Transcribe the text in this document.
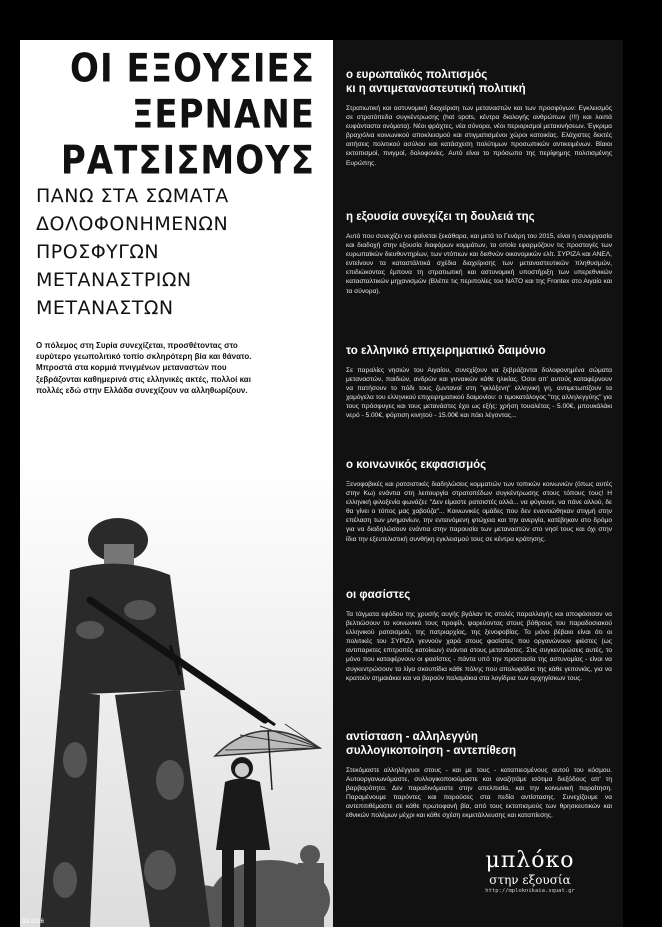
ΟΙ ΕΞΟΥΣΙΕΣ
ΞΕΡΝΑΝΕ
ΡΑΤΣΙΣΜΟΥΣ
ΠΑΝΩ ΣΤΑ ΣΩΜΑΤΑ
ΔΟΛΟΦΟΝΗΜΕΝΩΝ
ΠΡΟΣΦΥΓΩΝ
ΜΕΤΑΝΑΣΤΡΙΩΝ
ΜΕΤΑΝΑΣΤΩΝ
Ο πόλεμος στη Συρία συνεχίζεται, προσθέτοντας στο ευρύτερο γεωπολιτικό τοπίο σκληρότερη βία και θάνατο. Μπροστά στα κορμιά πνιγμένων μεταναστών που ξεβράζονται καθημερινά στις ελληνικές ακτές, πολλοί και πολλές εδώ στην Ελλάδα συνεχίζουν να αλληθωρίζουν.
03-2016
ο ευρωπαϊκός πολιτισμός
κι η αντιμεταναστευτική πολιτική

Στρατιωτική και αστυνομική διαχείριση των μεταναστών και των προσφύγων: Εγκλεισμός σε στρατόπεδα συγκέντρωσης (hot spots, κέντρα διαλογής ανθρώπων (!!!) και λοιπά ευφάνταστα ονόματα). Νέοι φράχτες, νέα σύνορα, νέοι περιορισμοί μετακινήσεων. Έγκριμα βραχιόλια κοινωνικού αποκλεισμού και στιγματισμένοι χώροι κατοικίας. Ελάχιστες δεκτές αιτήσεις πολιτικού ασύλου και κατάσχεση πολύτιμων προσωπικών αντικειμένων. Βίαιοι εκτοπισμοί, πνιγμοί, δολοφονίες. Αυτό είναι το πρόσωπο της περίφημης πολιτισμένης Ευρώπης.

η εξουσία συνεχίζει τη δουλειά της

Αυτό που συνεχίζει να φαίνεται ξεκάθαρα, και μετά το Γενάρη του 2015, είναι η συνεργασία και διαδοχή στην εξουσία διαφόρων κομμάτων, τα οποία εφαρμόζουν τις προσταγές των ευρωπαϊκών διευθυντηρίων, των ντόπιων και διεθνών οικονομικών ελίτ. ΣΥΡΙΖΑ και ΑΝΕΛ, εντείνουν τα καταστάλτικά σχέδια διαχείρισης των μεταναστευτικών πληθυσμών, επιδιώκοντας έμπονα τη στρατιωτική και αστυνομική υποστήριξη των υπερεθνικών κατασταλτικών μηχανισμών (Βλέπε τις περιπολίες του ΝΑΤΟ και της Frontex στο Αιγαίο και τα σύνορα).

το ελληνικό επιχειρηματικό δαιμόνιο

Σε παραλίες νησιών του Αιγαίου, συνεχίζουν να ξεβράζονται δολοφονημένα σώματα μεταναστών, παιδιών, ανδρών και γυναικών κάθε ηλικίας. Όσοι απ' αυτούς καταφέρνουν να πατήσουν το πόδι τους ζωντανοί στη "φιλόξενη" ελληνική γη, αντιμετωπίζουν τα χαμόγελα του ελληνικού επιχειρηματικού δαιμονίου: ο τιμοκατάλογος "της αλληλεγγύης" για τους πρόσφυγες και τους μετανάστες έχει ως εξής: χρήση τουαλέτας - 5.00€, μπουκάλάκι νερό - 5.00€, φόρτιση κινητού - 15.00€ και πάει λέγοντας...

ο κοινωνικός εκφασισμός

Ξενοφοβικές και ρατσιστικές διαδηλώσεις κομματιών των τοπικών κοινωνιών (όπως αυτές στην Κω) ενάντια στη λειτουργία στρατοπέδων συγκέντρωσης στους τόπους τους! Η ελληνική φιλοξενία φωνάζει: "Δεν είμαστε ρατσιστές αλλά... να φύγουνε, να πάνε αλλού, δε θα γίνει ο τόπος μας χαβούζα"... Κοινωνικές ομάδες που δεν εναντιώθηκαν στιγμή στην επέλαση των μνημονίων, την εντεινόμενη φτώχεια και την ανεργία, κατέβηκαν στο δρόμο για να διαδηλώσουν ενάντια στην παρουσία των μεταναστών στο νησί τους και όχι στην ίδια την εξευτελιστική συνθήκη εγκλεισμού τους σε κέντρα κράτησης.

οι φασίστες

Τα τάγματα εφόδου της χρυσής αυγής βγάλαν τις στολές παραλλαγής και αποφάσισαν να βελτιώσουν το κοινωνικό τους προφίλ, ψαρεύοντας στους βόθρους του παραδοσιακού ελληνικού ρατσισμού, της πατριαρχίας, της ξενοφοβίας. Το μόνο βέβαιο είναι ότι οι πολιτικές του ΣΥΡΙΖΑ γεννούν χαρά στους φασίστες που οργανώνουν φιέστες (ως αντιπαρκτες επιτροπές κατοίκων) ενάντια στους μετανάστες. Στις συγκεντρώσεις αυτές, το μόνο που καταφέρνουν οι φασίστες - πάντα υπό την προστασία της αστυνομίας - είναι να συγκεντρώσουν τα λίγα σκουπίδια κάθε πόλης που απολυφάδια της κάθε γειτονιάς, για να κρατούν σημαιάκια και να βαρούν παλαμάκια στα λογίδρια των αρχηγίσκων τους.

αντίσταση - αλληλεγγύη
συλλογικοποίηση - αντεπίθεση

Στεκόμαστε αλληλέγγυοι στους - και με τους - καταπιεσμένους αυτού του κόσμου. Αυτοοργανωνόμαστε, συλλογικοποιούμαστε και αναζητάμε ισότιμα διεξόδους απ' τη βαρβαρότητα. Δεν παραδινόμαστε στην απελπισία, και την κοινωνική παραίτηση. Παραμένουμε παρόντες και παρούσες στα πεδία αντίστασης. Συνεχίζουμε να αντεπιτιθέμαστε σε κάθε πρωτοφανή βία, από τους εκτοπισμούς των θρησκευτικών και εθνικών πολέμων μέχρι και κάθε σχέση εκμετάλλευσης και καταπίεσης.

μπλόκο
στην εξουσία
http://mploknikaia.squat.gr
